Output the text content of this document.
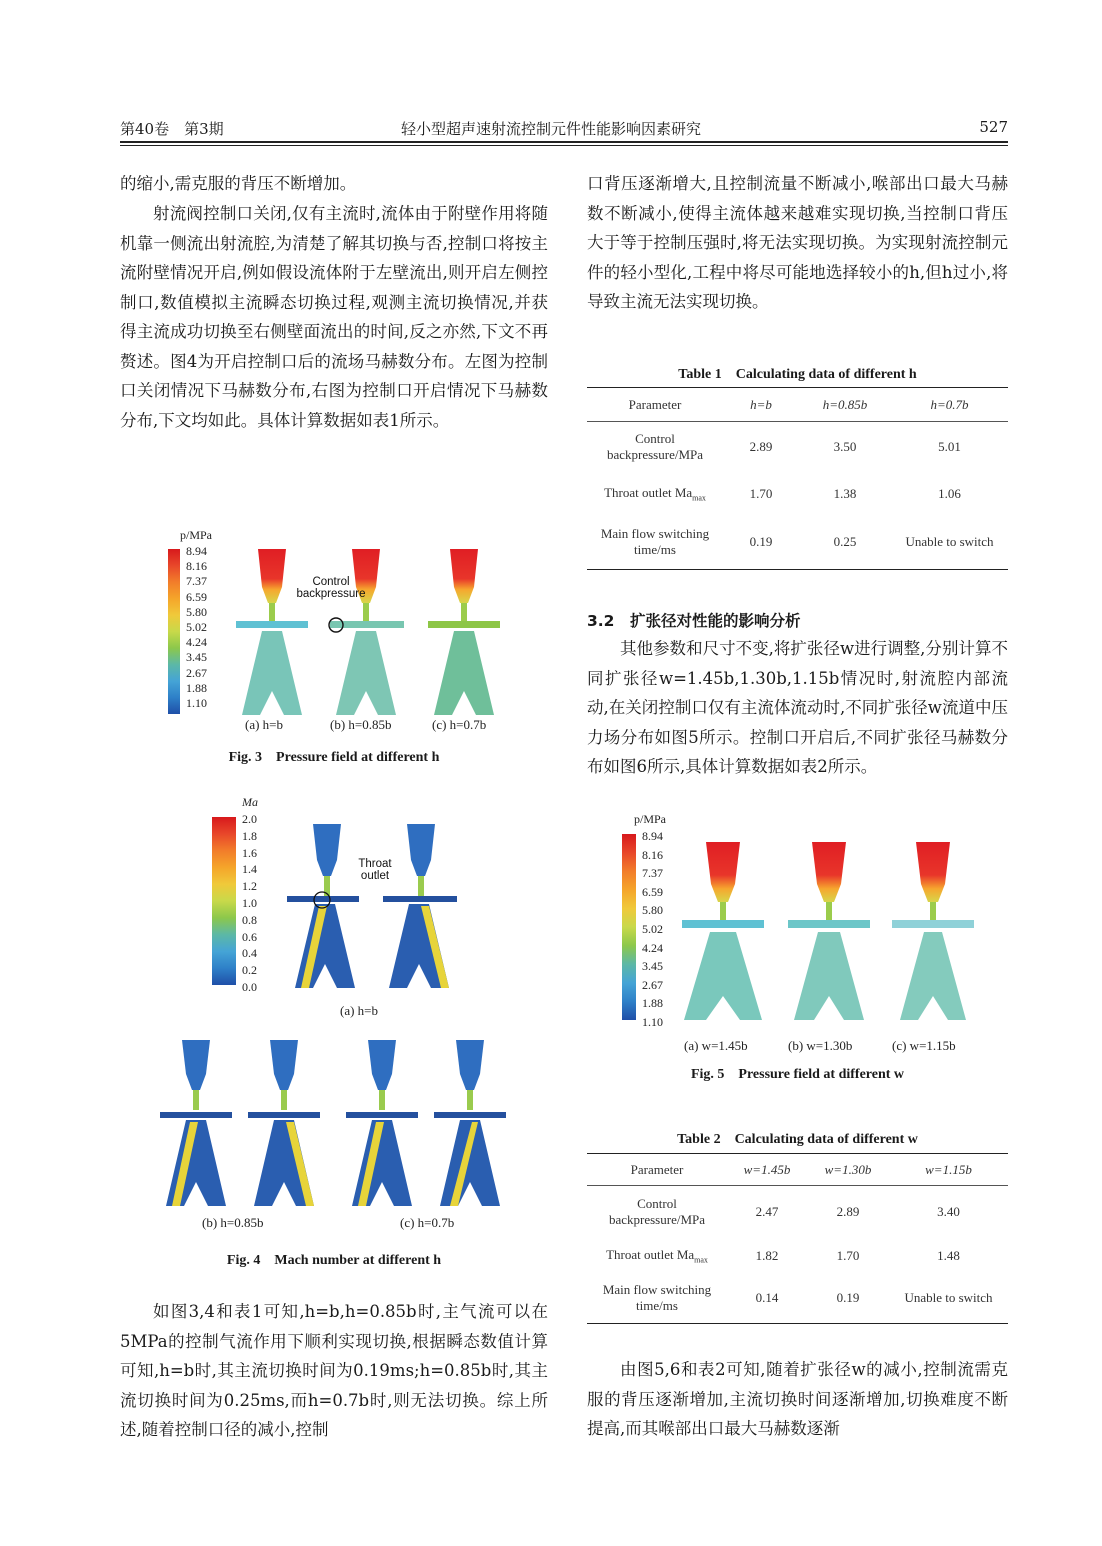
第40卷　第3期	轻小型超声速射流控制元件性能影响因素研究	527

的缩小,需克服的背压不断增加。

射流阀控制口关闭,仅有主流时,流体由于附壁作用将随机靠一侧流出射流腔,为清楚了解其切换与否,控制口将按主流附壁情况开启,例如假设流体附于左壁流出,则开启左侧控制口,数值模拟主流瞬态切换过程,观测主流切换情况,并获得主流成功切换至右侧壁面流出的时间,反之亦然,下文不再赘述。图4为开启控制口后的流场马赫数分布。左图为控制口关闭情况下马赫数分布,右图为控制口开启情况下马赫数分布,下文均如此。具体计算数据如表1所示。

p/MPa
8.94
8.16
7.37
6.59
5.80
5.02
4.24
3.45
2.67
1.88
1.10
Control
backpressure
(a) h=b	(b) h=0.85b	(c) h=0.7b
Fig. 3　Pressure field at different h
Ma
2.0
1.8
1.6
1.4
1.2
1.0
0.8
0.6
0.4
0.2
0.0
Throat
outlet
(a) h=b
(b) h=0.85b	(c) h=0.7b
Fig. 4　Mach number at different h

如图3,4和表1可知,h=b,h=0.85b时,主气流可以在5MPa的控制气流作用下顺利实现切换,根据瞬态数值计算可知,h=b时,其主流切换时间为0.19ms;h=0.85b时,其主流切换时间为0.25ms,而h=0.7b时,则无法切换。综上所述,随着控制口径的减小,控制

口背压逐渐增大,且控制流量不断减小,喉部出口最大马赫数不断减小,使得主流体越来越难实现切换,当控制口背压大于等于控制压强时,将无法实现切换。为实现射流控制元件的轻小型化,工程中将尽可能地选择较小的h,但h过小,将导致主流无法实现切换。

Table 1　Calculating data of different h
Parameter	h=b	h=0.85b	h=0.7b

Control
backpressure/MPa	2.89	3.50	5.01
Throat outlet $Ma_{max}$	1.70	1.38	1.06

Main flow switching
time/ms	0.19	0.25	Unable to switch
3.2　扩张径对性能的影响分析

其他参数和尺寸不变,将扩张径w进行调整,分别计算不同扩张径w=1.45b,1.30b,1.15b情况时,射流腔内部流动,在关闭控制口仅有主流体流动时,不同扩张径w流道中压力场分布如图5所示。控制口开启后,不同扩张径马赫数分布如图6所示,具体计算数据如表2所示。

p/MPa
8.94
8.16
7.37
6.59
5.80
5.02
4.24
3.45
2.67
1.88
1.10
(a) w=1.45b	(b) w=1.30b	(c) w=1.15b
Fig. 5　Pressure field at different w
Table 2　Calculating data of different w
Parameter	w=1.45b	w=1.30b	w=1.15b

Control
backpressure/MPa	2.47	2.89	3.40
Throat outlet $Ma_{max}$	1.82	1.70	1.48

Main flow switching
time/ms	0.14	0.19	Unable to switch

由图5,6和表2可知,随着扩张径w的减小,控制流需克服的背压逐渐增加,主流切换时间逐渐增加,切换难度不断提高,而其喉部出口最大马赫数逐渐
